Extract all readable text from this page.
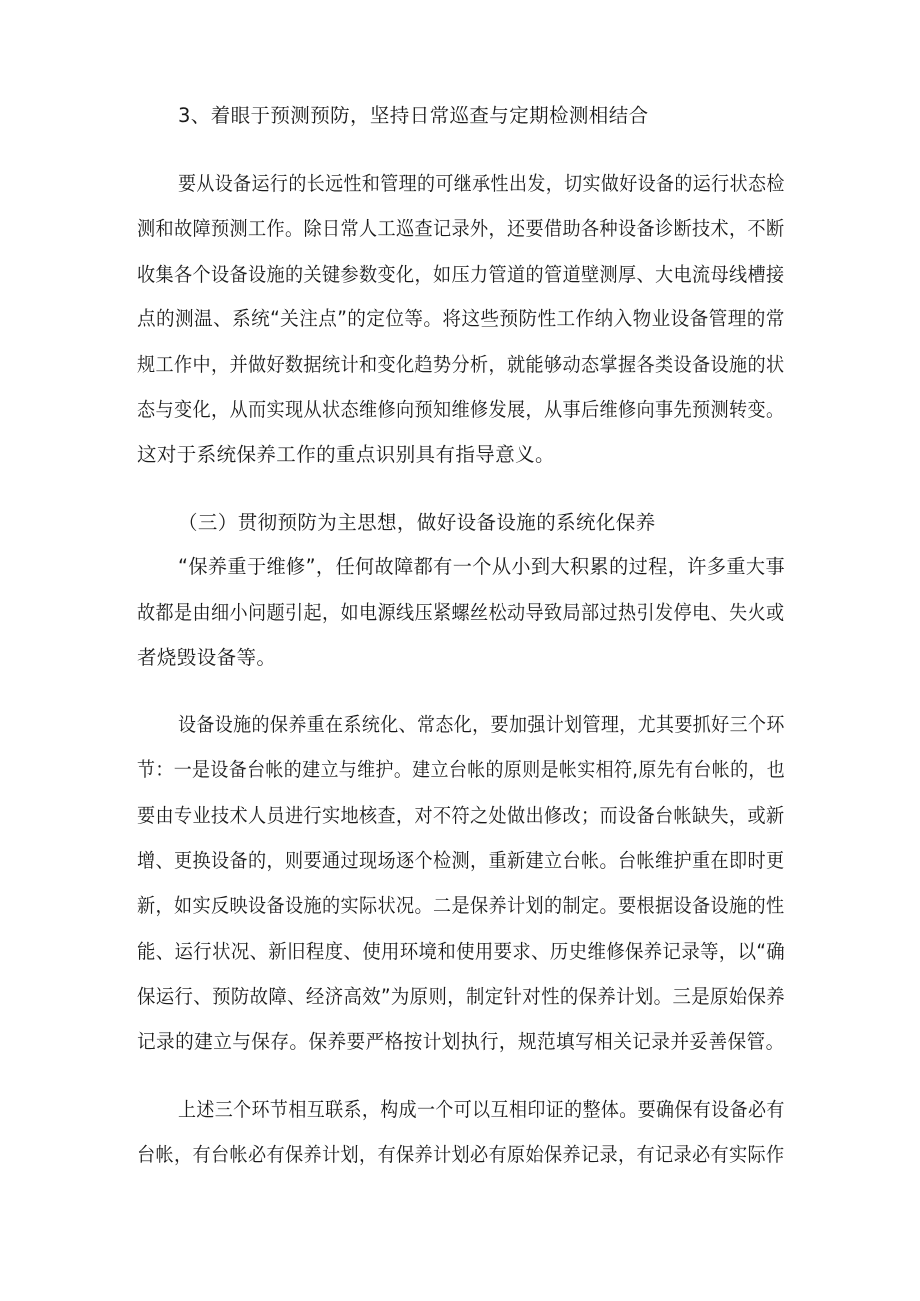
3、着眼于预测预防，坚持日常巡查与定期检测相结合

要从设备运行的长远性和管理的可继承性出发，切实做好设备的运行状态检

测和故障预测工作。除日常人工巡查记录外，还要借助各种设备诊断技术，不断

收集各个设备设施的关键参数变化，如压力管道的管道壁测厚、大电流母线槽接

点的测温、系统“关注点”的定位等。将这些预防性工作纳入物业设备管理的常

规工作中，并做好数据统计和变化趋势分析，就能够动态掌握各类设备设施的状

态与变化，从而实现从状态维修向预知维修发展，从事后维修向事先预测转变。

这对于系统保养工作的重点识别具有指导意义。

（三）贯彻预防为主思想，做好设备设施的系统化保养

“保养重于维修”，任何故障都有一个从小到大积累的过程，许多重大事

故都是由细小问题引起，如电源线压紧螺丝松动导致局部过热引发停电、失火或

者烧毁设备等。

设备设施的保养重在系统化、常态化，要加强计划管理，尤其要抓好三个环

节：一是设备台帐的建立与维护。建立台帐的原则是帐实相符,原先有台帐的，也

要由专业技术人员进行实地核查，对不符之处做出修改；而设备台帐缺失，或新

增、更换设备的，则要通过现场逐个检测，重新建立台帐。台帐维护重在即时更

新，如实反映设备设施的实际状况。二是保养计划的制定。要根据设备设施的性

能、运行状况、新旧程度、使用环境和使用要求、历史维修保养记录等，以“确

保运行、预防故障、经济高效”为原则，制定针对性的保养计划。三是原始保养

记录的建立与保存。保养要严格按计划执行，规范填写相关记录并妥善保管。

上述三个环节相互联系，构成一个可以互相印证的整体。要确保有设备必有

台帐，有台帐必有保养计划，有保养计划必有原始保养记录，有记录必有实际作
